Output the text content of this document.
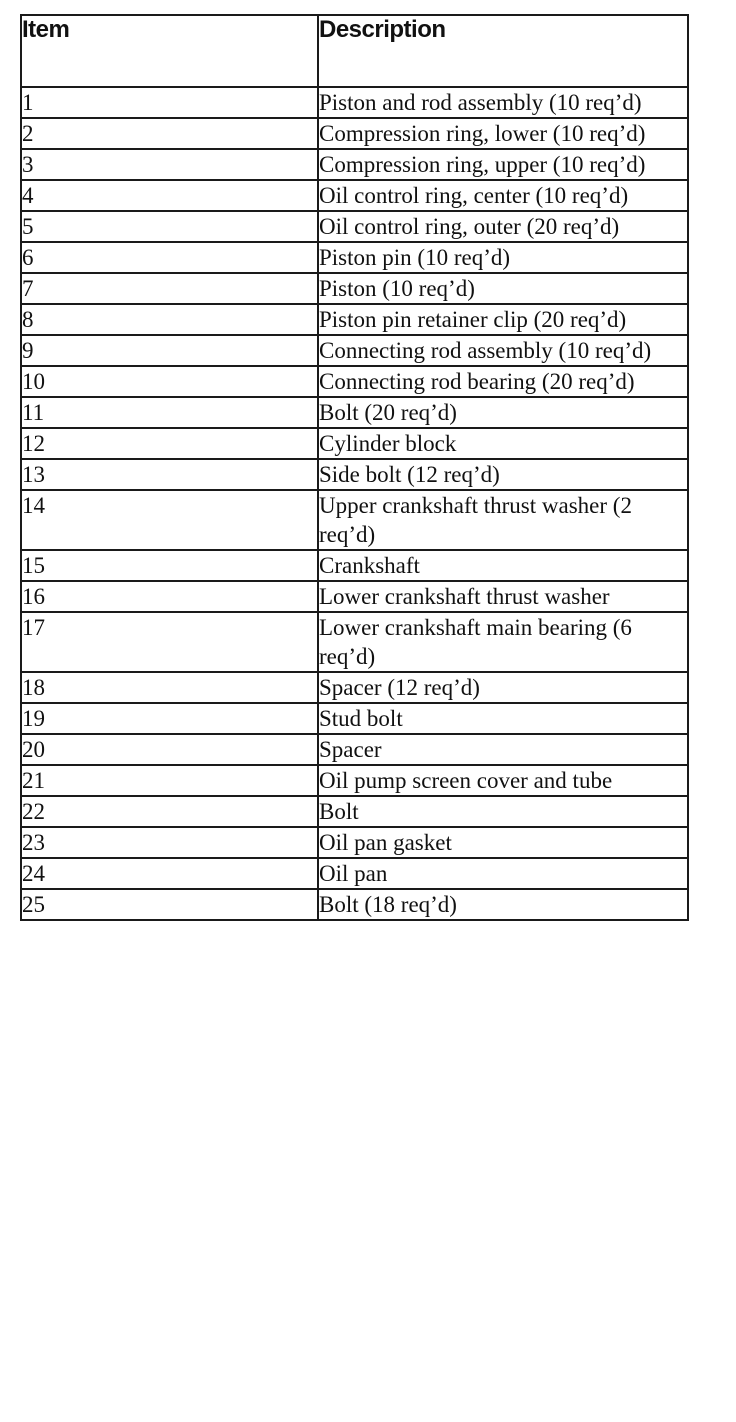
Item	Description
1	Piston and rod assembly (10 req’d)
2	Compression ring, lower (10 req’d)
3	Compression ring, upper (10 req’d)
4	Oil control ring, center (10 req’d)
5	Oil control ring, outer (20 req’d)
6	Piston pin (10 req’d)
7	Piston (10 req’d)
8	Piston pin retainer clip (20 req’d)
9	Connecting rod assembly (10 req’d)
10	Connecting rod bearing (20 req’d)
11	Bolt (20 req’d)
12	Cylinder block
13	Side bolt (12 req’d)
14	Upper crankshaft thrust washer (2 req’d)
15	Crankshaft
16	Lower crankshaft thrust washer
17	Lower crankshaft main bearing (6 req’d)
18	Spacer (12 req’d)
19	Stud bolt
20	Spacer
21	Oil pump screen cover and tube
22	Bolt
23	Oil pan gasket
24	Oil pan
25	Bolt (18 req’d)
